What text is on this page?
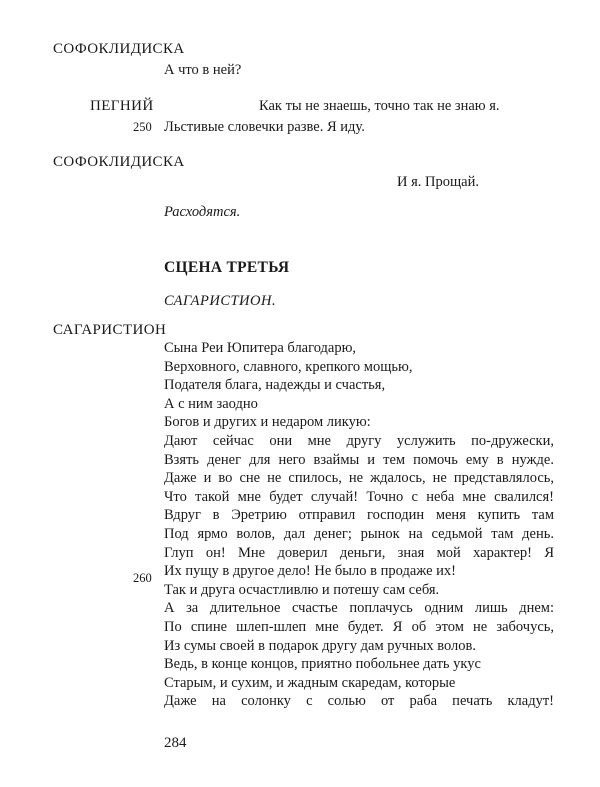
СОФОКЛИДИСКА
А что в ней?
ПЕГНИЙ	Как ты не знаешь, точно так не знаю я.
250 Льстивые словечки разве. Я иду.
СОФОКЛИДИСКА
И я. Прощай.
Расходятся.
СЦЕНА ТРЕТЬЯ
САГАРИСТИОН.
САГАРИСТИОН
Сына Реи Юпитера благодарю,
Верховного, славного, крепкого мощью,
Подателя блага, надежды и счастья,
А с ним заодно
Богов и других и недаром ликую:
Дают сейчас они мне другу услужить по-дружески,
Взять денег для него взаймы и тем помочь ему в нужде.
Даже и во сне не спилось, не ждалось, не представлялось,
Что такой мне будет случай! Точно с неба мне свалился!
Вдруг в Эретрию отправил господин меня купить там
Под ярмо волов, дал денег; рынок на седьмой там день.
Глуп он! Мне доверил деньги, зная мой характер! Я
Их пущу в другое дело! Не было в продаже их!
Так и друга осчастливлю и потешу сам себя.
А за длительное счастье поплачусь одним лишь днем:
По спине шлеп-шлеп мне будет. Я об этом не забочусь,
Из сумы своей в подарок другу дам ручных волов.
Ведь, в конце концов, приятно побольнее дать укус
Старым, и сухим, и жадным скаредам, которые
Даже на солонку с солью от раба печать кладут!
260
284
